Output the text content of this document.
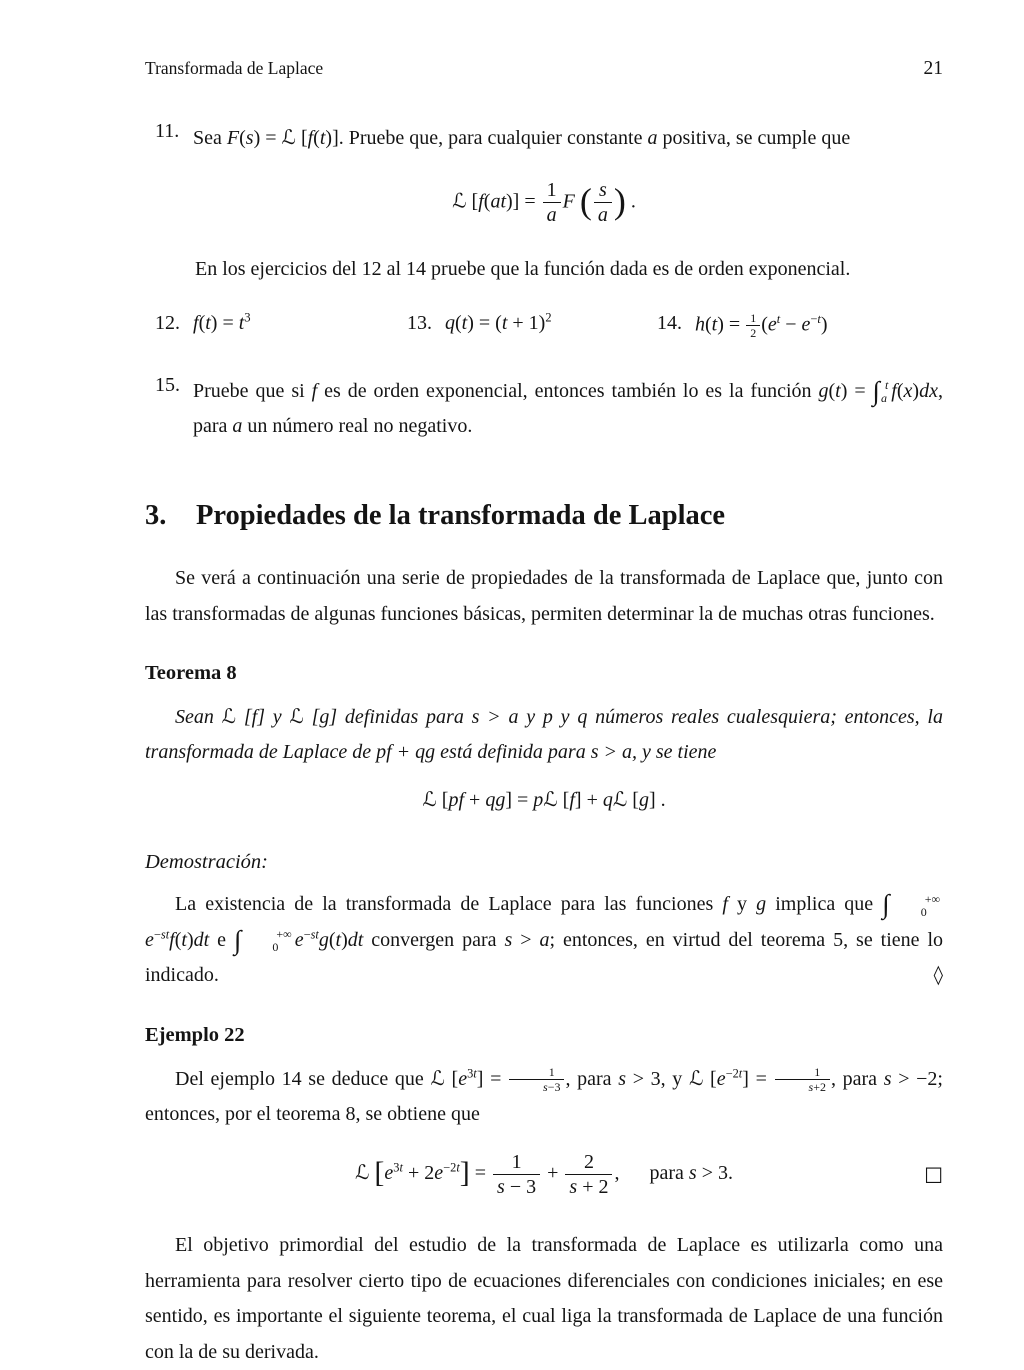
Transformada de Laplace	21
11. Sea F(s) = ℒ [f(t)]. Pruebe que, para cualquier constante a positiva, se cumple que
ℒ $[f(at)] = \frac{1}{a}$ F ( $\frac{s}{a}$ ) .

En los ejercicios del 12 al 14 pruebe que la función dada es de orden exponencial.

12. $f(t) = t^3$	13. $q(t) = (t + 1)^2$	14. $h(t) = \frac{1}{2} (e^t - e^{-t})$
15. Pruebe que si f es de orden exponencial, entonces también lo es la función g(t) = ∫ t
a f(x)dx, para a un número real no negativo.
3.	Propiedades de la transformada de Laplace

Se verá a continuación una serie de propiedades de la transformada de Laplace que, junto con las transformadas de algunas funciones básicas, permiten determinar la de muchas otras funciones.

Teorema 8

Sean ℒ [f] y ℒ [g] definidas para s > a y p y q números reales cualesquiera; entonces, la transformada de Laplace de pf + qg está definida para s > a, y se tiene

ℒ [pf + qg] = pℒ [f] + qℒ [g] .
Demostración:

La existencia de la transformada de Laplace para las funciones f y g implica que ∫	+∞
0
$e^{-st}f(t)dt$ e ∫	+∞
0 $e^{-st}g(t)dt$ convergen para s > a; entonces, en virtud del teorema 5, se tiene lo indicado.	◊

Ejemplo 22

Del ejemplo 14 se deduce que ℒ $[e^{3t}] = \frac{1}{s-3}$ , para s > 3, y ℒ $[e^{-2t}] = \frac{1}{s+2}$ , para s > −2; entonces, por el teorema 8, se obtiene que

ℒ $[e^{3t} + 2e^{-2t}] = \frac{1}{s - 3} + \frac{2}{s + 2}$ , para s > 3.	□

El objetivo primordial del estudio de la transformada de Laplace es utilizarla como una herramienta para resolver cierto tipo de ecuaciones diferenciales con condiciones iniciales; en ese sentido, es importante el siguiente teorema, el cual liga la transformada de Laplace de una función con la de su derivada.
